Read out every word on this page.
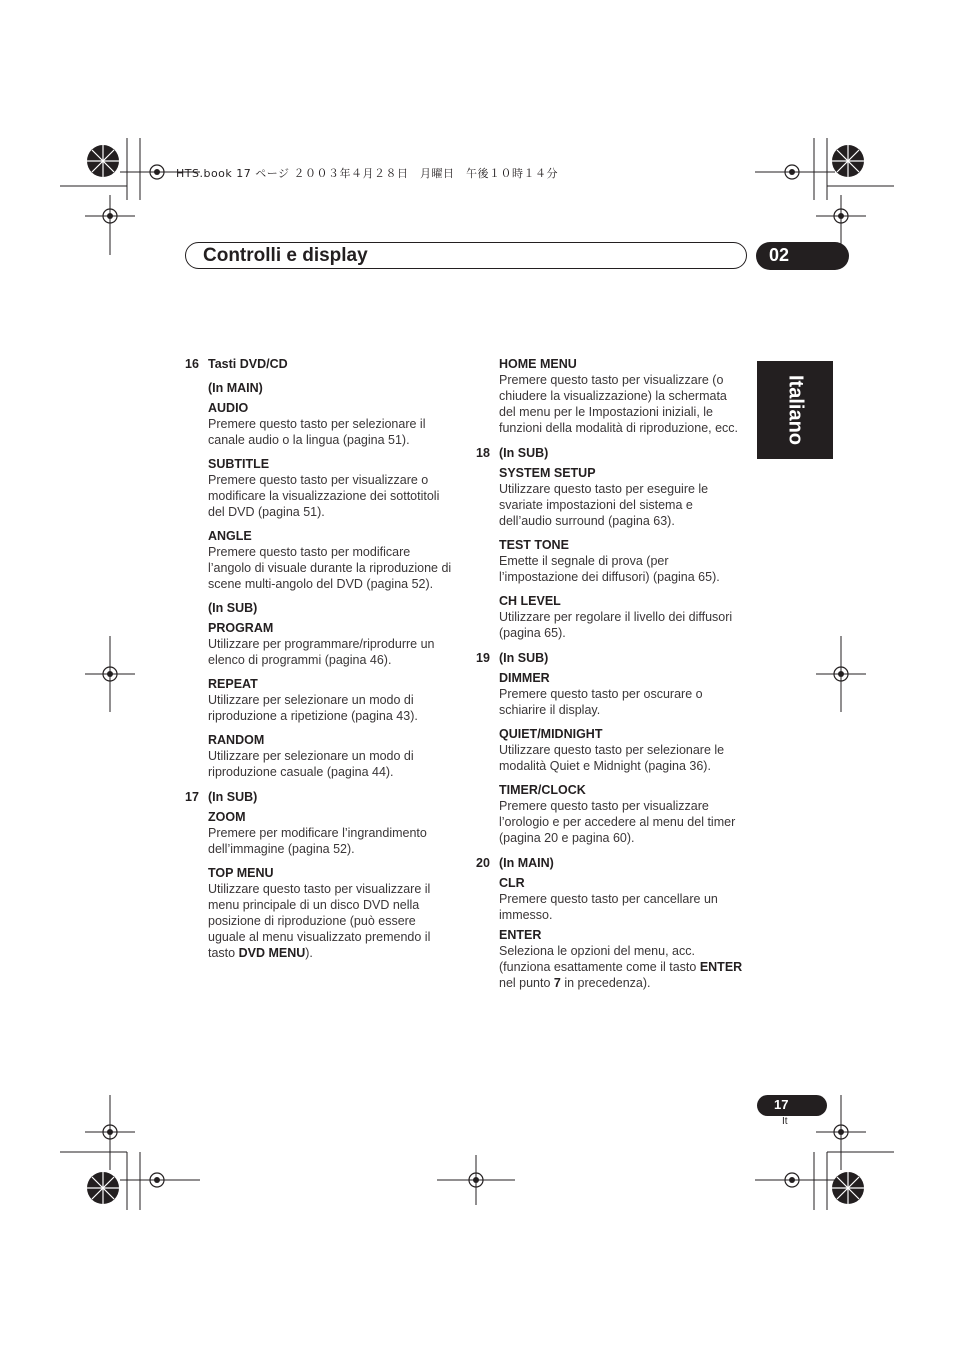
HTS.book 17 ページ ２００３年４月２８日　月曜日　午後１０時１４分
Controlli e display	02
Italiano
16 Tasti DVD/CD
(In MAIN)
AUDIO
Premere questo tasto per selezionare il canale audio o la lingua (pagina 51).
SUBTITLE
Premere questo tasto per visualizzare o modificare la visualizzazione dei sottotitoli del DVD (pagina 51).
ANGLE
Premere questo tasto per modificare l’angolo di visuale durante la riproduzione di scene multi-angolo del DVD (pagina 52).
(In SUB)
PROGRAM
Utilizzare per programmare/riprodurre un elenco di programmi (pagina 46).
REPEAT
Utilizzare per selezionare un modo di riproduzione a ripetizione (pagina 43).
RANDOM
Utilizzare per selezionare un modo di riproduzione casuale (pagina 44).
17 (In SUB)
ZOOM
Premere per modificare l’ingrandimento dell’immagine (pagina 52).
TOP MENU
Utilizzare questo tasto per visualizzare il menu principale di un disco DVD nella posizione di riproduzione (può essere uguale al menu visualizzato premendo il tasto DVD MENU).
HOME MENU
Premere questo tasto per visualizzare (o chiudere la visualizzazione) la schermata del menu per le Impostazioni iniziali, le funzioni della modalità di riproduzione, ecc.
18 (In SUB)
SYSTEM SETUP
Utilizzare questo tasto per eseguire le svariate impostazioni del sistema e dell’audio surround (pagina 63).
TEST TONE
Emette il segnale di prova (per l’impostazione dei diffusori) (pagina 65).
CH LEVEL
Utilizzare per regolare il livello dei diffusori (pagina 65).
19 (In SUB)
DIMMER
Premere questo tasto per oscurare o schiarire il display.
QUIET/MIDNIGHT
Utilizzare questo tasto per selezionare le modalità Quiet e Midnight (pagina 36).
TIMER/CLOCK
Premere questo tasto per visualizzare l’orologio e per accedere al menu del timer (pagina 20 e pagina 60).
20 (In MAIN)
CLR
Premere questo tasto per cancellare un immesso.
ENTER
Seleziona le opzioni del menu, acc. (funziona esattamente come il tasto ENTER nel punto 7 in precedenza).
17
It
